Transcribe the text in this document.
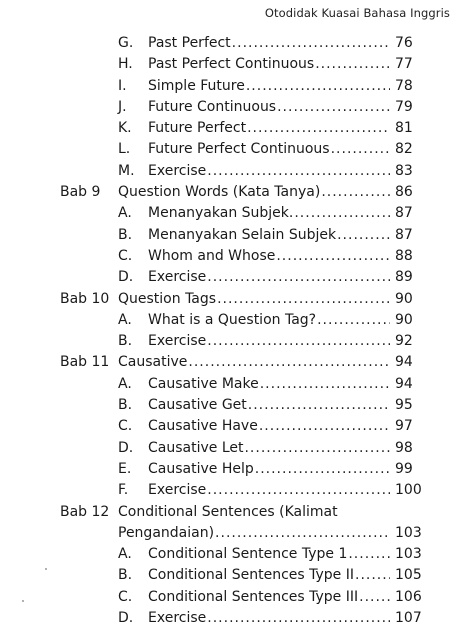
Otodidak Kuasai Bahasa Inggris
G. Past Perfect .....	76
H. Past Perfect Continuous .....	77
I. Simple Future .....	78
J. Future Continuous .....	79
K. Future Perfect .....	81
L. Future Perfect Continuous .....	82
M. Exercise .....	83
Bab 9 Question Words (Kata Tanya) .....	86
A. Menanyakan Subjek. .....	87
B. Menanyakan Selain Subjek .....	87
C. Whom and Whose .....	88
D. Exercise .....	89
Bab 10 Question Tags .....	90
A. What is a Question Tag? .....	90
B. Exercise .....	92
Bab 11 Causative .....	94
A. Causative Make .....	94
B. Causative Get .....	95
C. Causative Have .....	97
D. Causative Let .....	98
E. Causative Help .....	99
F. Exercise .....	100
Bab 12 Conditional Sentences (Kalimat
Pengandaian) .....	103
A. Conditional Sentence Type 1 .....	103
B. Conditional Sentences Type II .....	105
C. Conditional Sentences Type III .....	106
D. Exercise .....	107
